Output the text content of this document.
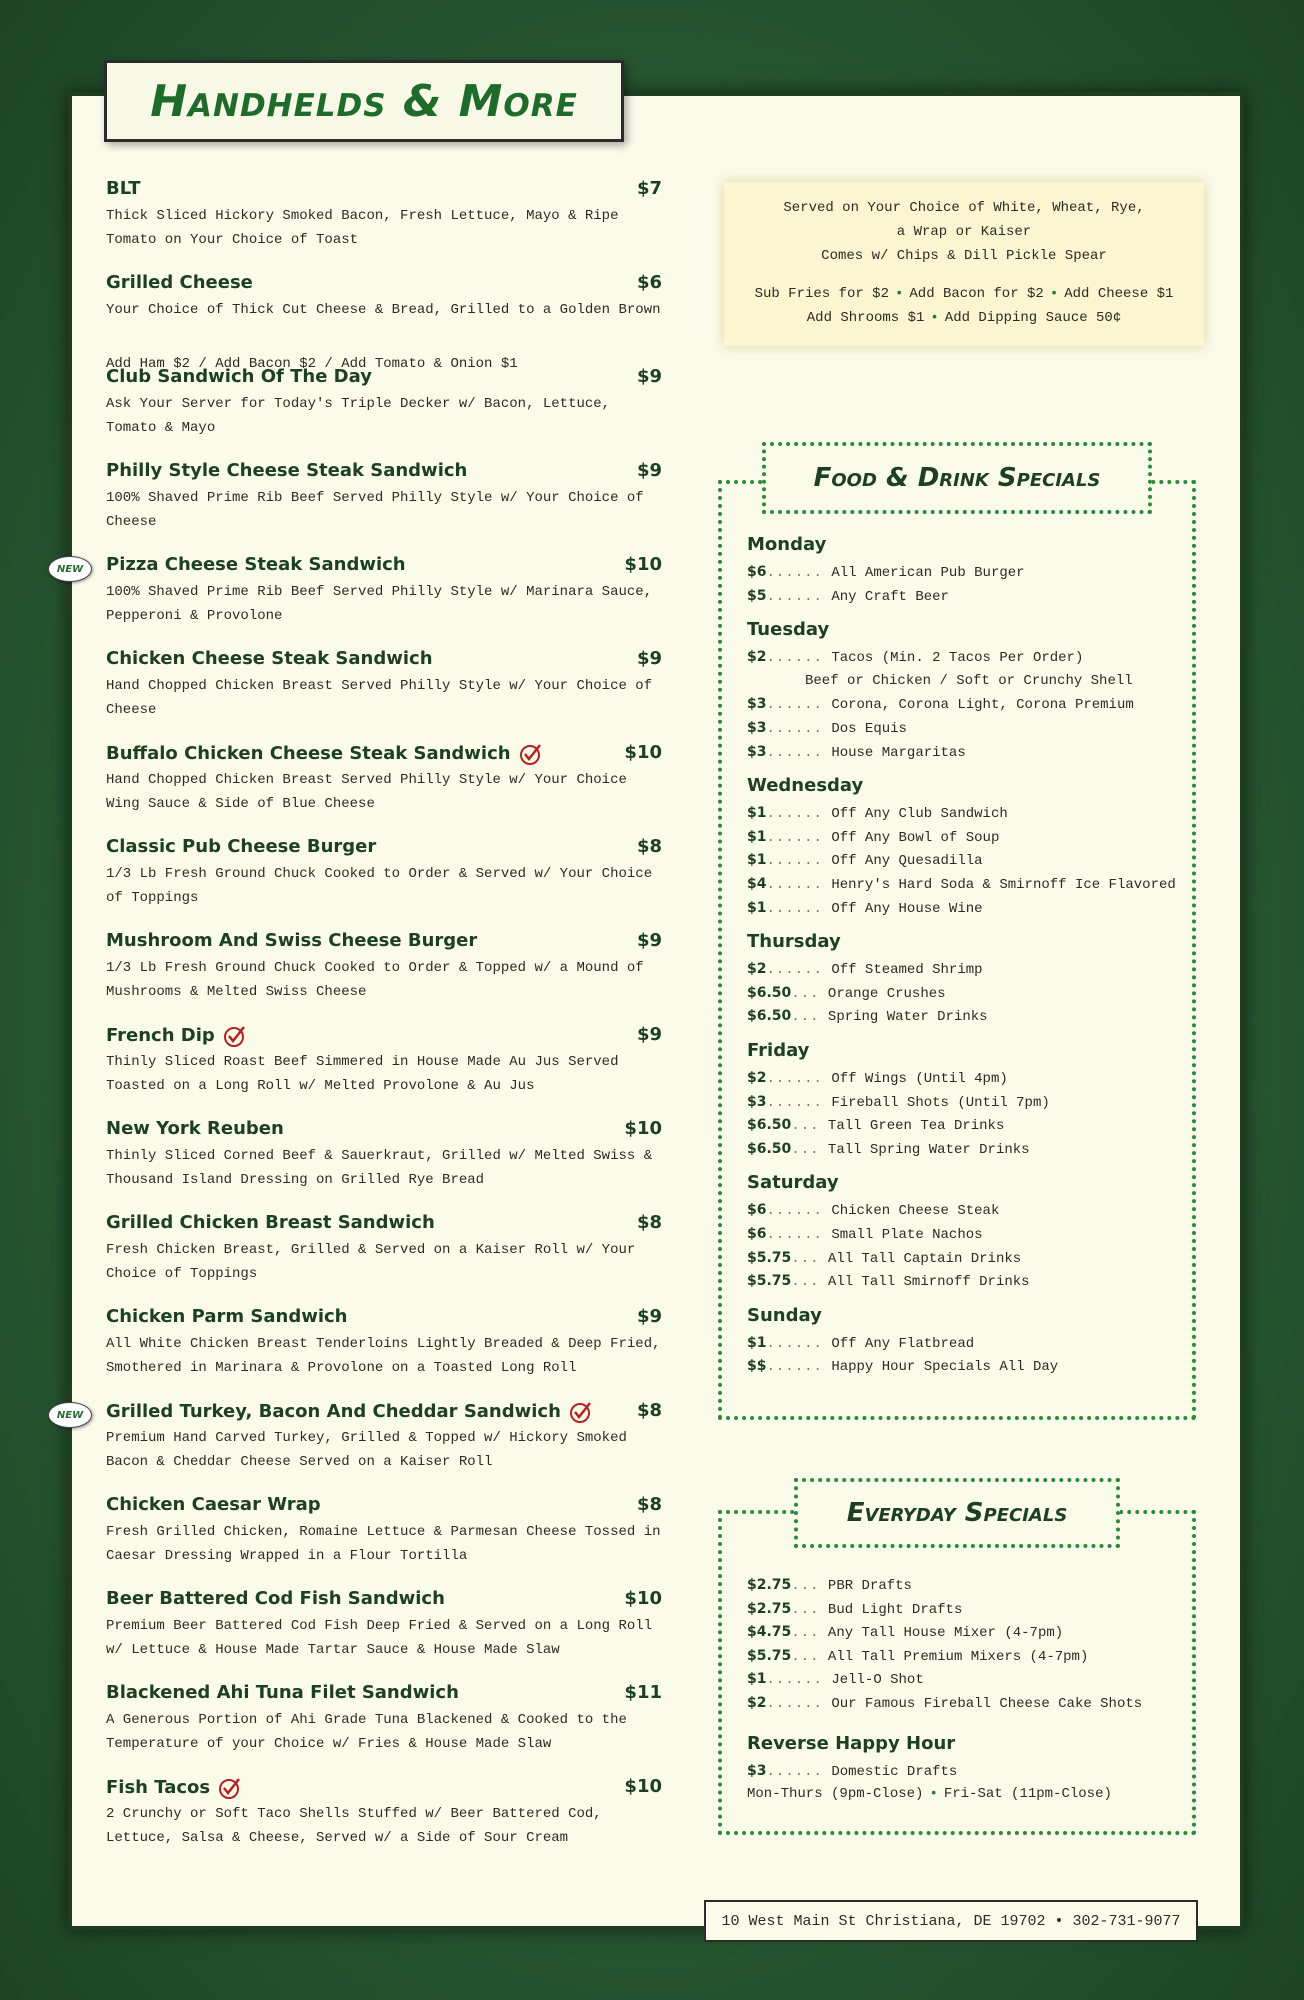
Handhelds & More
BLT	$7
Thick Sliced Hickory Smoked Bacon, Fresh Lettuce, Mayo & Ripe Tomato on Your Choice of Toast
Grilled Cheese	$6
Your Choice of Thick Cut Cheese & Bread, Grilled to a Golden Brown
Add Ham $2 / Add Bacon $2 / Add Tomato & Onion $1
Club Sandwich Of The Day	$9
Ask Your Server for Today's Triple Decker w/ Bacon, Lettuce, Tomato & Mayo
Philly Style Cheese Steak Sandwich	$9
100% Shaved Prime Rib Beef Served Philly Style w/ Your Choice of Cheese
NEW	Pizza Cheese Steak Sandwich	$10
100% Shaved Prime Rib Beef Served Philly Style w/ Marinara Sauce, Pepperoni & Provolone
Chicken Cheese Steak Sandwich	$9
Hand Chopped Chicken Breast Served Philly Style w/ Your Choice of Cheese
Buffalo Chicken Cheese Steak Sandwich	$10
Hand Chopped Chicken Breast Served Philly Style w/ Your Choice Wing Sauce & Side of Blue Cheese
Classic Pub Cheese Burger	$8
1/3 Lb Fresh Ground Chuck Cooked to Order & Served w/ Your Choice of Toppings
Mushroom And Swiss Cheese Burger	$9
1/3 Lb Fresh Ground Chuck Cooked to Order & Topped w/ a Mound of Mushrooms & Melted Swiss Cheese
French Dip	$9
Thinly Sliced Roast Beef Simmered in House Made Au Jus Served Toasted on a Long Roll w/ Melted Provolone & Au Jus
New York Reuben	$10
Thinly Sliced Corned Beef & Sauerkraut, Grilled w/ Melted Swiss & Thousand Island Dressing on Grilled Rye Bread
Grilled Chicken Breast Sandwich	$8
Fresh Chicken Breast, Grilled & Served on a Kaiser Roll w/ Your Choice of Toppings
Chicken Parm Sandwich	$9
All White Chicken Breast Tenderloins Lightly Breaded & Deep Fried, Smothered in Marinara & Provolone on a Toasted Long Roll
NEW	Grilled Turkey, Bacon And Cheddar Sandwich	$8
Premium Hand Carved Turkey, Grilled & Topped w/ Hickory Smoked Bacon & Cheddar Cheese Served on a Kaiser Roll
Chicken Caesar Wrap	$8
Fresh Grilled Chicken, Romaine Lettuce & Parmesan Cheese Tossed in Caesar Dressing Wrapped in a Flour Tortilla
Beer Battered Cod Fish Sandwich	$10
Premium Beer Battered Cod Fish Deep Fried & Served on a Long Roll w/ Lettuce & House Made Tartar Sauce & House Made Slaw
Blackened Ahi Tuna Filet Sandwich	$11
A Generous Portion of Ahi Grade Tuna Blackened & Cooked to the Temperature of your Choice w/ Fries & House Made Slaw
Fish Tacos	$10
2 Crunchy or Soft Taco Shells Stuffed w/ Beer Battered Cod, Lettuce, Salsa & Cheese, Served w/ a Side of Sour Cream
Served on Your Choice of White, Wheat, Rye,
a Wrap or Kaiser
Comes w/ Chips & Dill Pickle Spear
Sub Fries for $2 • Add Bacon for $2 • Add Cheese $1
Add Shrooms $1 • Add Dipping Sauce 50¢
Food & Drink Specials
Monday
$6...... All American Pub Burger
$5...... Any Craft Beer
Tuesday
$2...... Tacos (Min. 2 Tacos Per Order)
Beef or Chicken / Soft or Crunchy Shell
$3...... Corona, Corona Light, Corona Premium
$3...... Dos Equis
$3...... House Margaritas
Wednesday
$1...... Off Any Club Sandwich
$1...... Off Any Bowl of Soup
$1...... Off Any Quesadilla
$4...... Henry's Hard Soda & Smirnoff Ice Flavored
$1...... Off Any House Wine
Thursday
$2...... Off Steamed Shrimp
$6.50... Orange Crushes
$6.50... Spring Water Drinks
Friday
$2...... Off Wings (Until 4pm)
$3...... Fireball Shots (Until 7pm)
$6.50... Tall Green Tea Drinks
$6.50... Tall Spring Water Drinks
Saturday
$6...... Chicken Cheese Steak
$6...... Small Plate Nachos
$5.75... All Tall Captain Drinks
$5.75... All Tall Smirnoff Drinks
Sunday
$1...... Off Any Flatbread
$$...... Happy Hour Specials All Day
Everyday Specials
$2.75... PBR Drafts
$2.75... Bud Light Drafts
$4.75... Any Tall House Mixer (4-7pm)
$5.75... All Tall Premium Mixers (4-7pm)
$1...... Jell-O Shot
$2...... Our Famous Fireball Cheese Cake Shots
Reverse Happy Hour
$3...... Domestic Drafts
Mon-Thurs (9pm-Close) • Fri-Sat (11pm-Close)
10 West Main St Christiana, DE 19702 • 302-731-9077
